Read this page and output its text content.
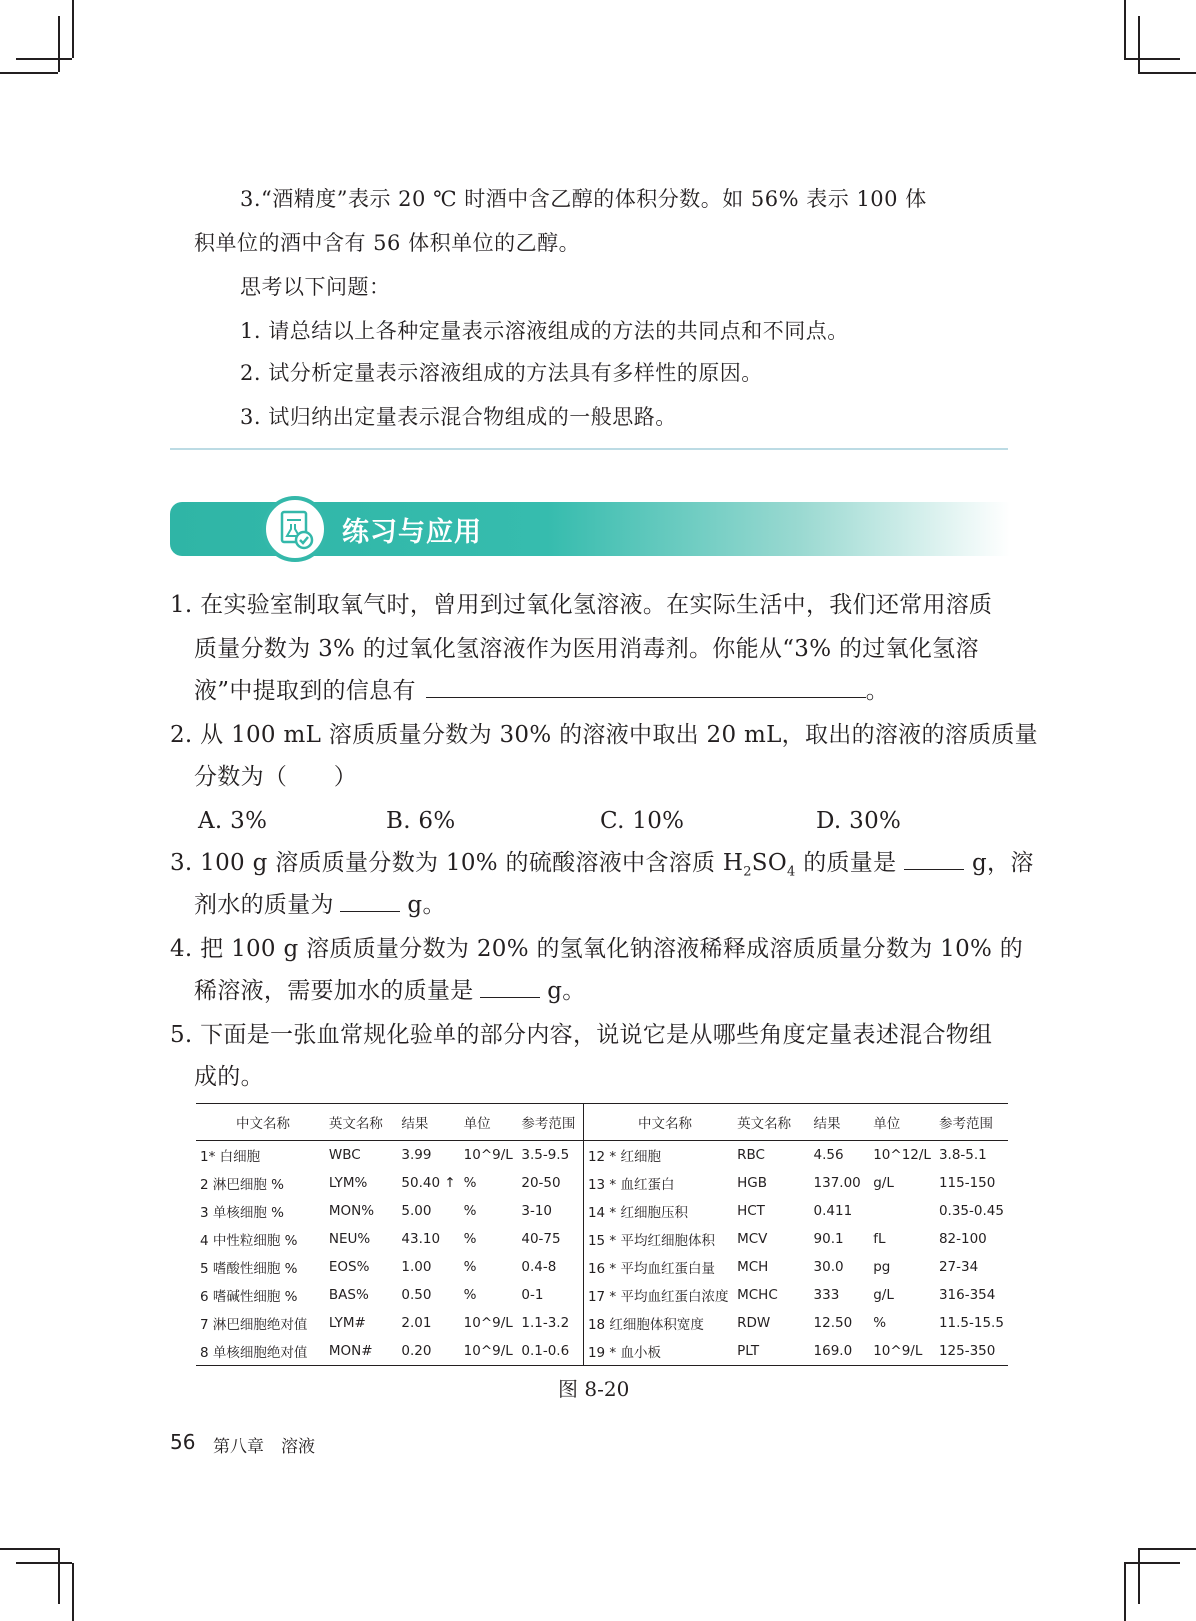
3.“酒精度”表示 20 ℃ 时酒中含乙醇的体积分数。如 56% 表示 100 体
积单位的酒中含有 56 体积单位的乙醇。
思考以下问题：
1. 请总结以上各种定量表示溶液组成的方法的共同点和不同点。
2. 试分析定量表示溶液组成的方法具有多样性的原因。
3. 试归纳出定量表示混合物组成的一般思路。
练习与应用
1. 在实验室制取氧气时，曾用到过氧化氢溶液。在实际生活中，我们还常用溶质
质量分数为 3% 的过氧化氢溶液作为医用消毒剂。你能从“3% 的过氧化氢溶
液”中提取到的信息有	。
2. 从 100 mL 溶质质量分数为 30% 的溶液中取出 20 mL，取出的溶液的溶质质量
分数为（　　）
A. 3%	B. 6%	C. 10%	D. 30%
3. 100 g 溶质质量分数为 10% 的硫酸溶液中含溶质 $H_2SO_4$ 的质量是	g，溶
剂水的质量为	g。
4. 把 100 g 溶质质量分数为 20% 的氢氧化钠溶液稀释成溶质质量分数为 10% 的
稀溶液，需要加水的质量是	g。
5. 下面是一张血常规化验单的部分内容，说说它是从哪些角度定量表述混合物组
成的。
中文名称	英文名称	结果	单位	参考范围	中文名称	英文名称	结果	单位	参考范围
1* 白细胞	WBC	3.99	10^9/L	3.5-9.5	12 * 红细胞	RBC	4.56	10^12/L	3.8-5.1
2 淋巴细胞 %	LYM%	50.40 ↑	%	20-50	13 * 血红蛋白	HGB	137.00	g/L	115-150
3 单核细胞 %	MON%	5.00	%	3-10	14 * 红细胞压积	HCT	0.411		0.35-0.45
4 中性粒细胞 %	NEU%	43.10	%	40-75	15 * 平均红细胞体积	MCV	90.1	fL	82-100
5 嗜酸性细胞 %	EOS%	1.00	%	0.4-8	16 * 平均血红蛋白量	MCH	30.0	pg	27-34
6 嗜碱性细胞 %	BAS%	0.50	%	0-1	17 * 平均血红蛋白浓度	MCHC	333	g/L	316-354
7 淋巴细胞绝对值	LYM#	2.01	10^9/L	1.1-3.2	18 红细胞体积宽度	RDW	12.50	%	11.5-15.5
8 单核细胞绝对值	MON#	0.20	10^9/L	0.1-0.6	19 * 血小板	PLT	169.0	10^9/L	125-350
图 8-20
56 第八章　溶液
